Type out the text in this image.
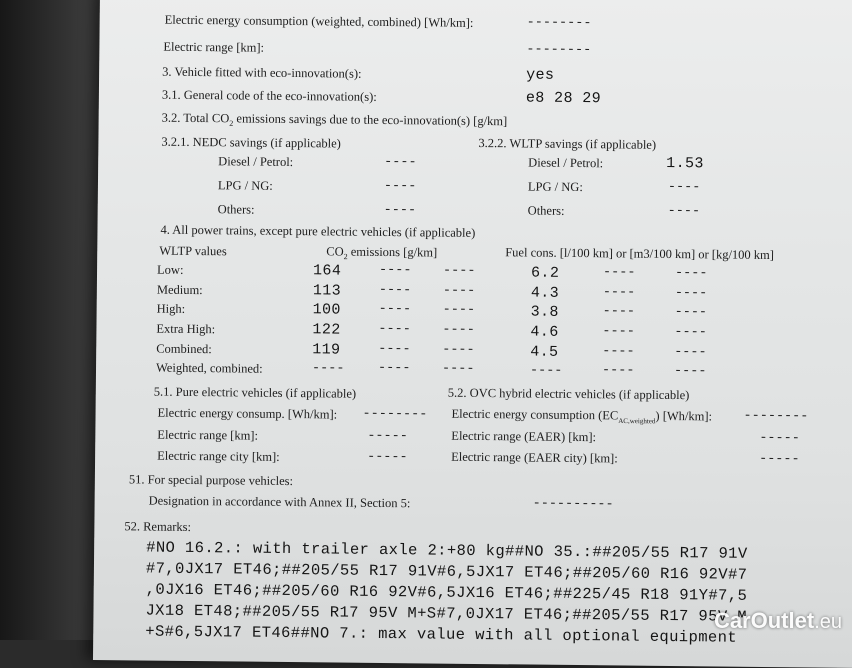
Electric energy consumption (weighted, combined) [Wh/km]:	--------
Electric range [km]:	--------
3. Vehicle fitted with eco-innovation(s):	yes
3.1. General code of the eco-innovation(s):	e8 28 29
3.2. Total $CO_2$ emissions savings due to the eco-innovation(s) [g/km]
3.2.1. NEDC savings (if applicable)	3.2.2. WLTP savings (if applicable)
Diesel / Petrol:	----	Diesel / Petrol:	1.53
LPG / NG:	----	LPG / NG:	----
Others:	----	Others:	----
4. All power trains, except pure electric vehicles (if applicable)
WLTP values	$CO_2$ emissions [g/km]	Fuel cons. [l/100 km] or [m3/100 km] or [kg/100 km]
Low:	164	---- ----	6.2	----	----
Medium:	113	---- ----	4.3	----	----
High:	100	---- ----	3.8	----	----
Extra High:	122	---- ----	4.6	----	----
Combined:	119	---- ----	4.5	----	----
Weighted, combined:	---- ---- ----	----	----	----
5.1. Pure electric vehicles (if applicable)	5.2. OVC hybrid electric vehicles (if applicable)
Electric energy consump. [Wh/km]: -------- Electric energy consumption $(EC_{AC,weighted})$ [Wh/km]: --------
Electric range [km]:	-----	Electric range (EAER) [km]:	-----
Electric range city [km]:	-----	Electric range (EAER city) [km]:	-----
51. For special purpose vehicles:
Designation in accordance with Annex II, Section 5:	----------
52. Remarks:
#NO 16.2.: with trailer axle 2:+80 kg##NO 35.:##205/55 R17 91V
#7,0JX17 ET46;##205/55 R17 91V#6,5JX17 ET46;##205/60 R16 92V#7
,0JX16 ET46;##205/60 R16 92V#6,5JX16 ET46;##225/45 R18 91Y#7,5
JX18 ET48;##205/55 R17 95V M+S#7,0JX17 ET46;##205/55 R17 95V M
+S#6,5JX17 ET46##NO 7.: max value with all optional equipment
CarOutlet.eu
